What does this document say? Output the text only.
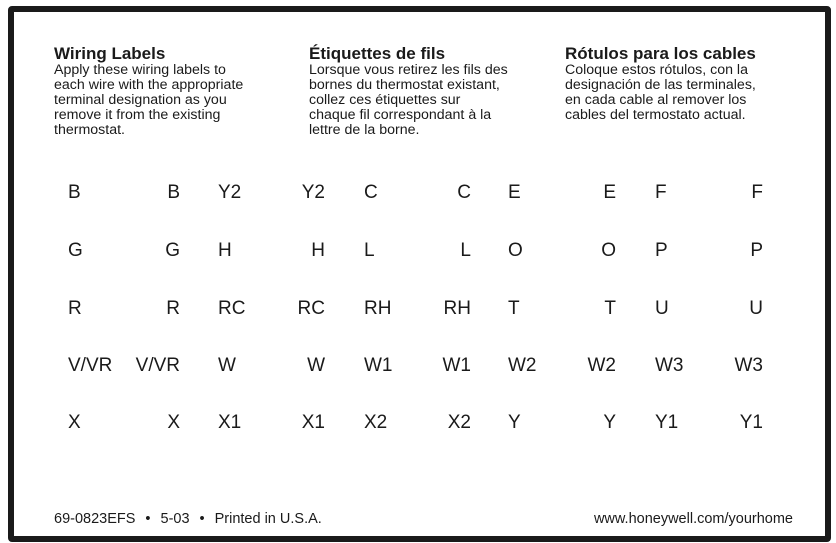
Wiring Labels

Apply these wiring labels to
each wire with the appropriate
terminal designation as you
remove it from the existing
thermostat.

Étiquettes de fils

Lorsque vous retirez les fils des
bornes du thermostat existant,
collez ces étiquettes sur
chaque fil correspondant à la
lettre de la borne.

Rótulos para los cables

Coloque estos rótulos, con la
designación de las terminales,
en cada cable al remover los
cables del termostato actual.

B	B Y2	Y2 C	C E	E F	F
G	G H	H L	L O	O P	P
R	R RC	RC RH	RH T	T U	U
V/VR V/VR W	W W1	W1 W2	W2 W3	W3
X	X X1	X1 X2	X2 Y	Y Y1	Y1
69-0823EFS • 5-03 • Printed in U.S.A.	www.honeywell.com/yourhome
